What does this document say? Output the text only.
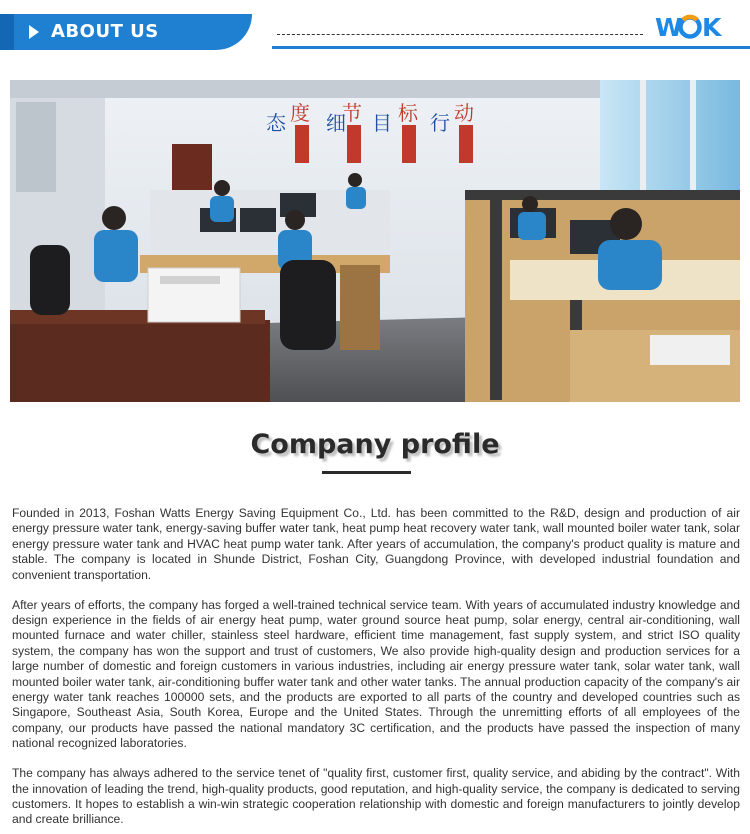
ABOUT US	W K
态 度 细
节 目 标 行 动
Company profile

Founded in 2013, Foshan Watts Energy Saving Equipment Co., Ltd. has been committed to the R&D, design and production of air energy pressure water tank, energy-saving buffer water tank, heat pump heat recovery water tank, wall mounted boiler water tank, solar energy pressure water tank and HVAC heat pump water tank. After years of accumulation, the company's product quality is mature and stable. The company is located in Shunde District, Foshan City, Guangdong Province, with developed industrial foundation and convenient transportation.

After years of efforts, the company has forged a well-trained technical service team. With years of accumulated industry knowledge and design experience in the fields of air energy heat pump, water ground source heat pump, solar energy, central air-conditioning, wall mounted furnace and water chiller, stainless steel hardware, efficient time management, fast supply system, and strict ISO quality system, the company has won the support and trust of customers, We also provide high-quality design and production services for a large number of domestic and foreign customers in various industries, including air energy pressure water tank, solar water tank, wall mounted boiler water tank, air-conditioning buffer water tank and other water tanks. The annual production capacity of the company's air energy water tank reaches 100000 sets, and the products are exported to all parts of the country and developed countries such as Singapore, Southeast Asia, South Korea, Europe and the United States. Through the unremitting efforts of all employees of the company, our products have passed the national mandatory 3C certification, and the products have passed the inspection of many national recognized laboratories.

The company has always adhered to the service tenet of "quality first, customer first, quality service, and abiding by the contract". With the innovation of leading the trend, high-quality products, good reputation, and high-quality service, the company is dedicated to serving customers. It hopes to establish a win-win strategic cooperation relationship with domestic and foreign manufacturers to jointly develop and create brilliance.
